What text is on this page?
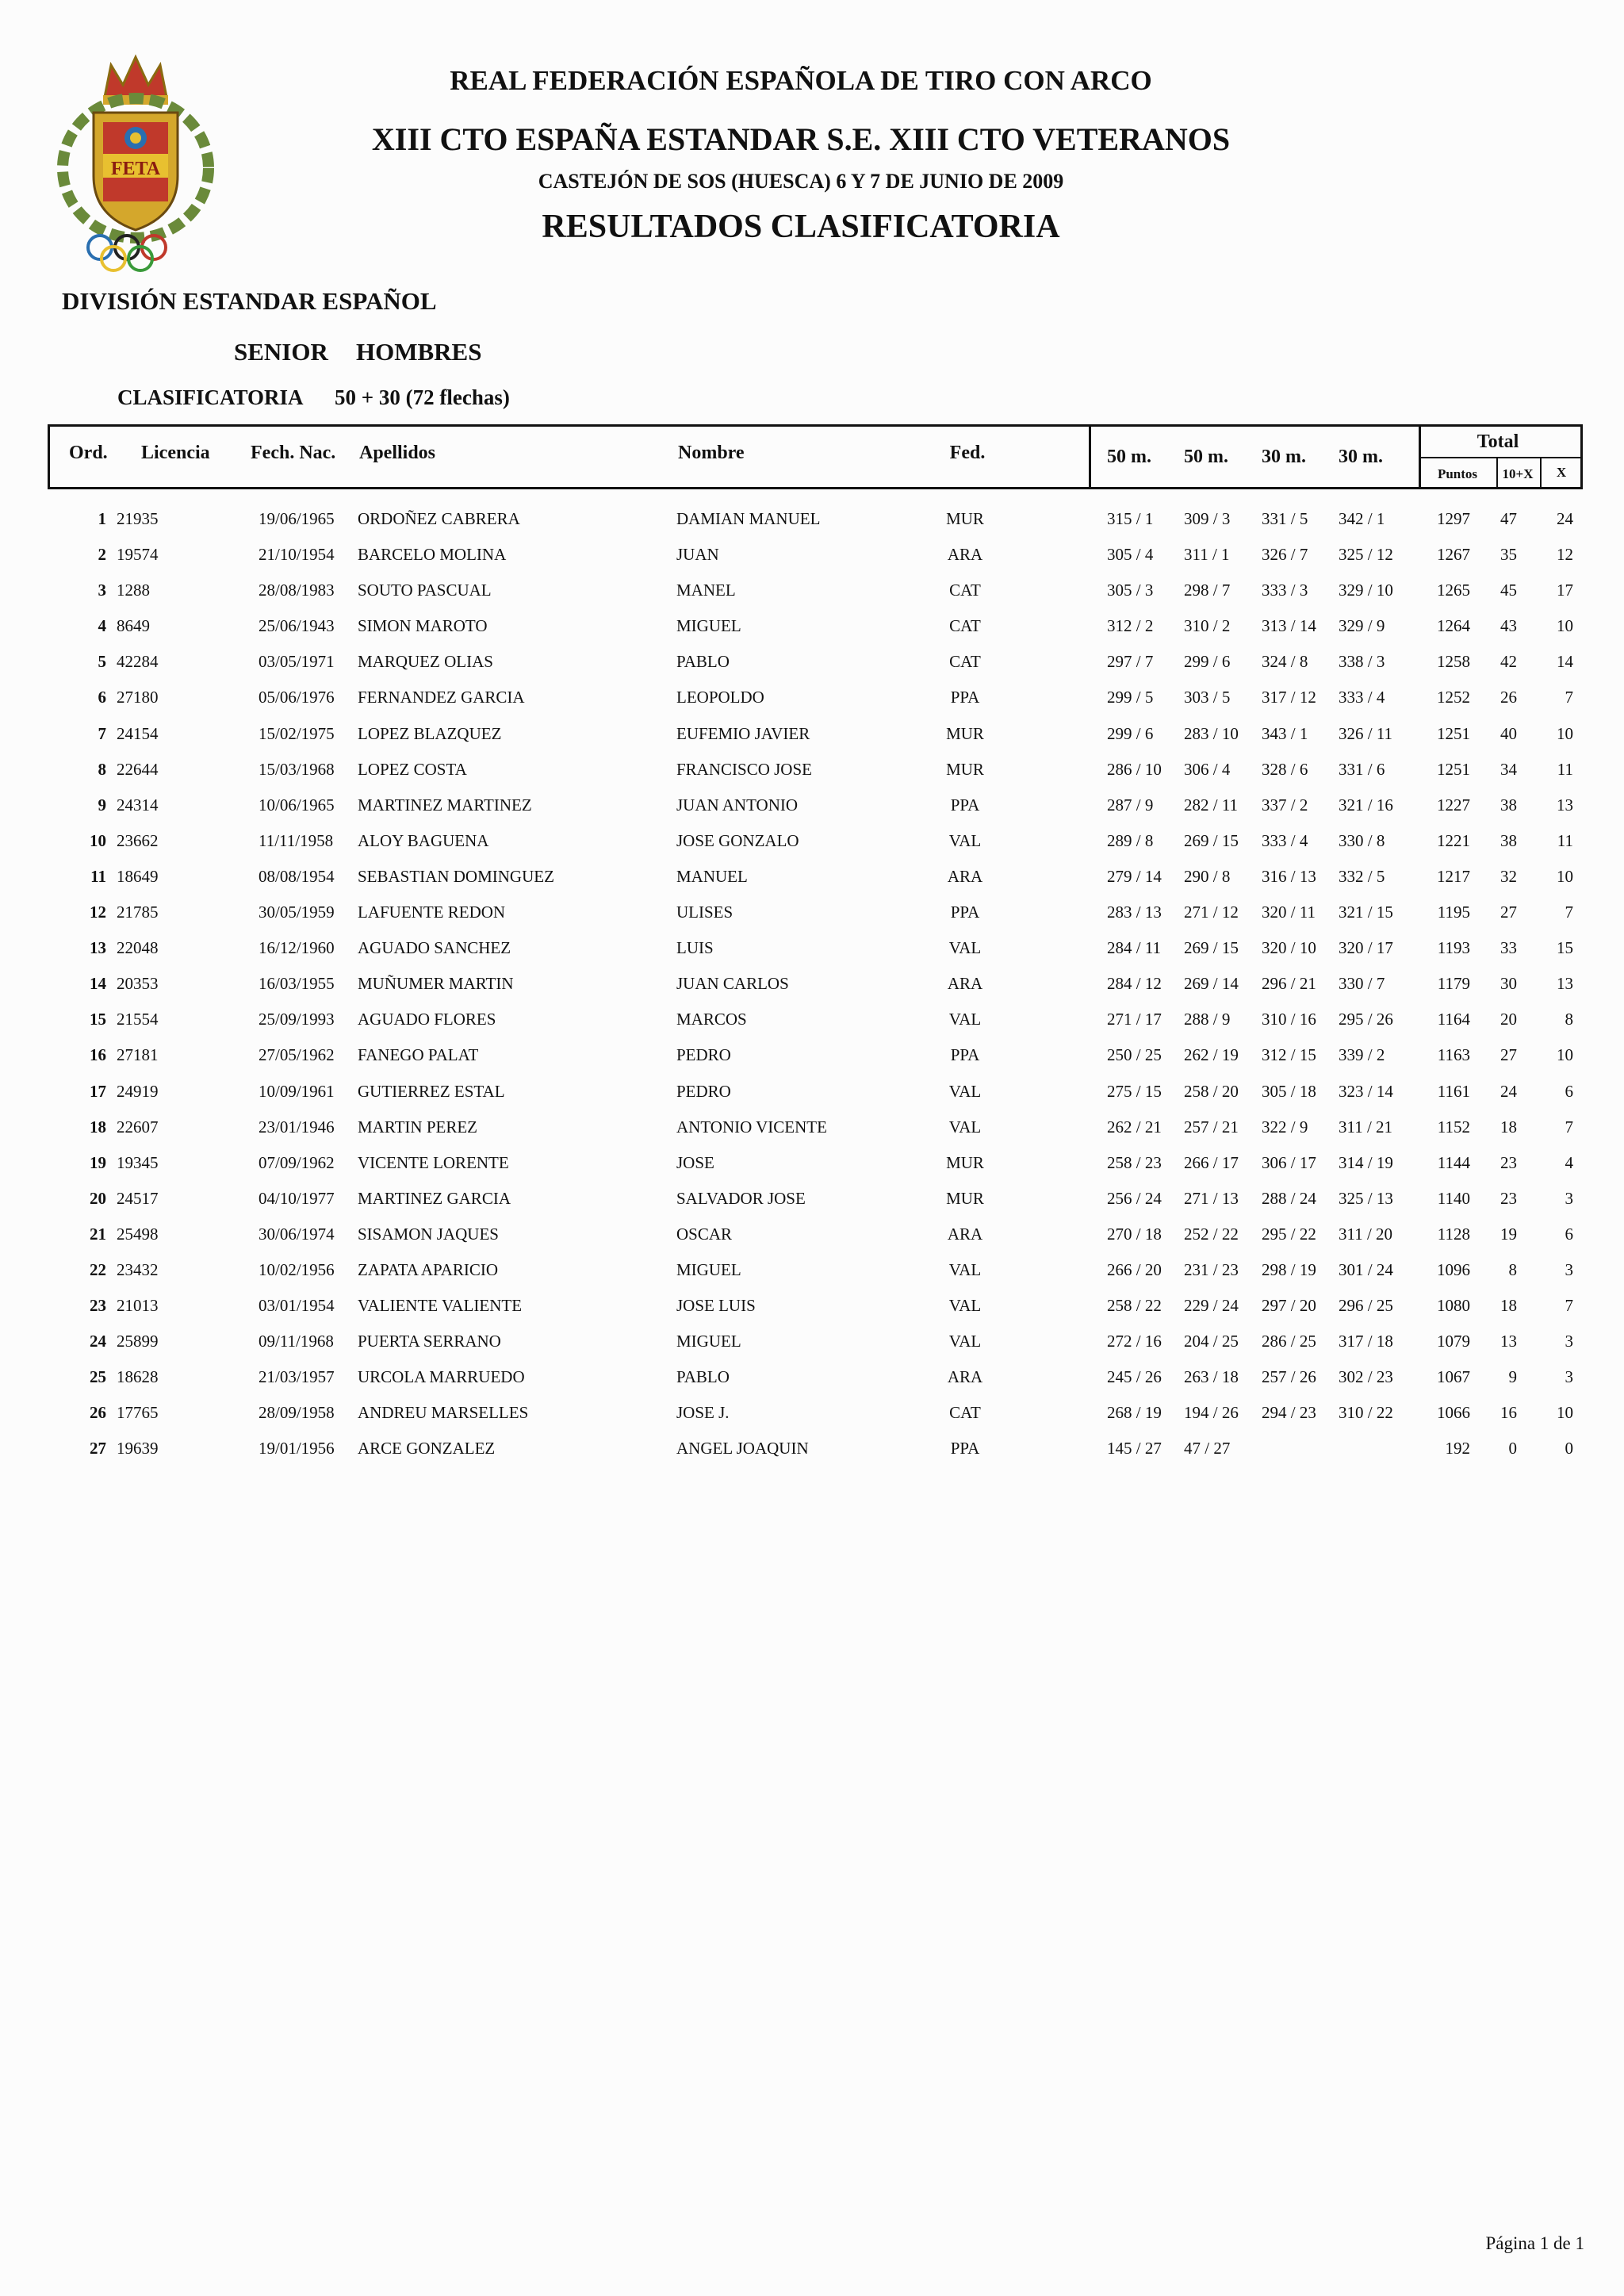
FETA
REAL FEDERACIÓN ESPAÑOLA DE TIRO CON ARCO
XIII CTO ESPAÑA ESTANDAR S.E. XIII CTO VETERANOS
CASTEJÓN DE SOS (HUESCA) 6 Y 7 DE JUNIO DE 2009
RESULTADOS CLASIFICATORIA
DIVISIÓN ESTANDAR ESPAÑOL
SENIOR HOMBRES
CLASIFICATORIA 50 + 30 (72 flechas)
Ord. Licencia Fech. Nac. Apellidos	Nombre	Fed.	50 m. 50 m. 30 m. 30 m.
Total
Puntos 10+X X
1 21935	19/06/1965 ORDOÑEZ CABRERA	DAMIAN MANUEL	MUR	315 / 1 309 / 3 331 / 5 342 / 1	1297 47 24
2 19574	21/10/1954 BARCELO MOLINA	JUAN	ARA	305 / 4 311 / 1 326 / 7 325 / 12	1267 35 12
3 1288	28/08/1983 SOUTO PASCUAL	MANEL	CAT	305 / 3 298 / 7 333 / 3 329 / 10	1265 45 17
4 8649	25/06/1943 SIMON MAROTO	MIGUEL	CAT	312 / 2 310 / 2 313 / 14 329 / 9	1264 43 10
5 42284	03/05/1971 MARQUEZ OLIAS	PABLO	CAT	297 / 7 299 / 6 324 / 8 338 / 3	1258 42 14
6 27180	05/06/1976 FERNANDEZ GARCIA	LEOPOLDO	PPA	299 / 5 303 / 5 317 / 12 333 / 4	1252 26	7
7 24154	15/02/1975 LOPEZ BLAZQUEZ	EUFEMIO JAVIER	MUR	299 / 6 283 / 10 343 / 1 326 / 11	1251 40 10
8 22644	15/03/1968 LOPEZ COSTA	FRANCISCO JOSE	MUR	286 / 10 306 / 4 328 / 6 331 / 6	1251 34 11
9 24314	10/06/1965 MARTINEZ MARTINEZ	JUAN ANTONIO	PPA	287 / 9 282 / 11 337 / 2 321 / 16	1227 38 13
10 23662	11/11/1958 ALOY BAGUENA	JOSE GONZALO	VAL	289 / 8 269 / 15 333 / 4 330 / 8	1221 38 11
11 18649	08/08/1954 SEBASTIAN DOMINGUEZ	MANUEL	ARA	279 / 14 290 / 8 316 / 13 332 / 5	1217 32 10
12 21785	30/05/1959 LAFUENTE REDON	ULISES	PPA	283 / 13 271 / 12 320 / 11 321 / 15	1195 27	7
13 22048	16/12/1960 AGUADO SANCHEZ	LUIS	VAL	284 / 11 269 / 15 320 / 10 320 / 17	1193 33 15
14 20353	16/03/1955 MUÑUMER MARTIN	JUAN CARLOS	ARA	284 / 12 269 / 14 296 / 21 330 / 7	1179 30 13
15 21554	25/09/1993 AGUADO FLORES	MARCOS	VAL	271 / 17 288 / 9 310 / 16 295 / 26	1164 20	8
16 27181	27/05/1962 FANEGO PALAT	PEDRO	PPA	250 / 25 262 / 19 312 / 15 339 / 2	1163 27 10
17 24919	10/09/1961 GUTIERREZ ESTAL	PEDRO	VAL	275 / 15 258 / 20 305 / 18 323 / 14	1161 24	6
18 22607	23/01/1946 MARTIN PEREZ	ANTONIO VICENTE	VAL	262 / 21 257 / 21 322 / 9 311 / 21	1152 18	7
19 19345	07/09/1962 VICENTE LORENTE	JOSE	MUR	258 / 23 266 / 17 306 / 17 314 / 19	1144 23	4
20 24517	04/10/1977 MARTINEZ GARCIA	SALVADOR JOSE	MUR	256 / 24 271 / 13 288 / 24 325 / 13	1140 23	3
21 25498	30/06/1974 SISAMON JAQUES	OSCAR	ARA	270 / 18 252 / 22 295 / 22 311 / 20	1128 19	6
22 23432	10/02/1956 ZAPATA APARICIO	MIGUEL	VAL	266 / 20 231 / 23 298 / 19 301 / 24	1096 8	3
23 21013	03/01/1954 VALIENTE VALIENTE	JOSE LUIS	VAL	258 / 22 229 / 24 297 / 20 296 / 25	1080 18	7
24 25899	09/11/1968 PUERTA SERRANO	MIGUEL	VAL	272 / 16 204 / 25 286 / 25 317 / 18	1079 13	3
25 18628	21/03/1957 URCOLA MARRUEDO	PABLO	ARA	245 / 26 263 / 18 257 / 26 302 / 23	1067 9	3
26 17765	28/09/1958 ANDREU MARSELLES	JOSE J.	CAT	268 / 19 194 / 26 294 / 23 310 / 22	1066 16 10
27 19639	19/01/1956 ARCE GONZALEZ	ANGEL JOAQUIN	PPA	145 / 27 47 / 27	192 0	0
Página 1 de 1
